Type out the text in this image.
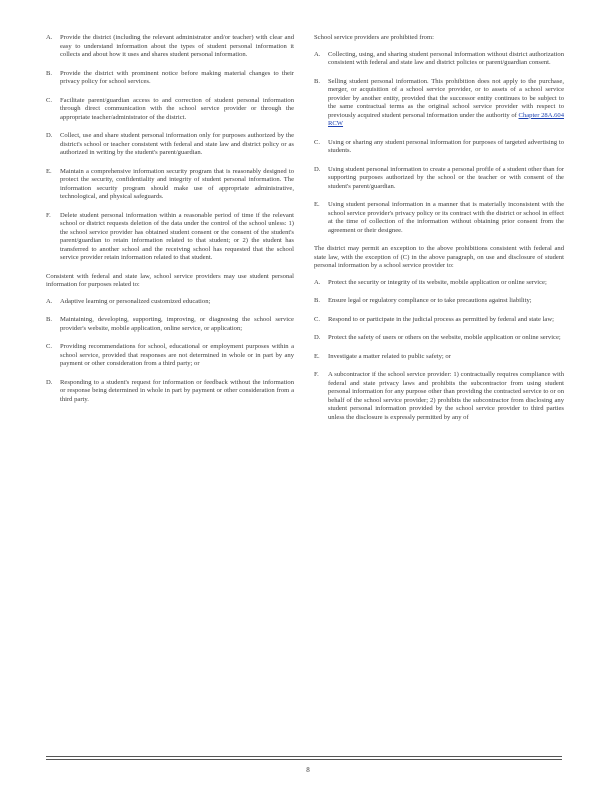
A. Provide the district (including the relevant administrator and/or teacher) with clear and easy to understand information about the types of student personal information it collects and about how it uses and shares student personal information.
B. Provide the district with prominent notice before making material changes to their privacy policy for school services.
C. Facilitate parent/guardian access to and correction of student personal information through direct communication with the school service provider or through the appropriate teacher/administrator of the district.
D. Collect, use and share student personal information only for purposes authorized by the district's school or teacher consistent with federal and state law and district policy or as authorized in writing by the student's parent/guardian.
E. Maintain a comprehensive information security program that is reasonably designed to protect the security, confidentiality and integrity of student personal information. The information security program should make use of appropriate administrative, technological, and physical safeguards.
F. Delete student personal information within a reasonable period of time if the relevant school or district requests deletion of the data under the control of the school unless: 1) the school service provider has obtained student consent or the consent of the student's parent/guardian to retain information related to that student; or 2) the student has transferred to another school and the receiving school has requested that the school service provider retain information related to that student.

Consistent with federal and state law, school service providers may use student personal information for purposes related to:

A. Adaptive learning or personalized customized education;
B. Maintaining, developing, supporting, improving, or diagnosing the school service provider's website, mobile application, online service, or application;
C. Providing recommendations for school, educational or employment purposes within a school service, provided that responses are not determined in whole or in part by any payment or other consideration from a third party; or
D. Responding to a student's request for information or feedback without the information or response being determined in whole in part by payment or other consideration from a third party.

School service providers are prohibited from:

A. Collecting, using, and sharing student personal information without district authorization consistent with federal and state law and district policies or parent/guardian consent.
B. Selling student personal information. This prohibition does not apply to the purchase, merger, or acquisition of a school service provider, or to assets of a school service provider by another entity, provided that the successor entity continues to be subject to the same contractual terms as the original school service provider with respect to previously acquired student personal information under the authority of Chapter 28A.604 RCW
C. Using or sharing any student personal information for purposes of targeted advertising to students.
D. Using student personal information to create a personal profile of a student other than for supporting purposes authorized by the school or the teacher or with consent of the student's parent/guardian.
E. Using student personal information in a manner that is materially inconsistent with the school service provider's privacy policy or its contract with the district or school in effect at the time of collection of the information without obtaining prior consent from the agreement or their designee.

The district may permit an exception to the above prohibitions consistent with federal and state law, with the exception of (C) in the above paragraph, on use and disclosure of student personal information by a school service provider to:

A. Protect the security or integrity of its website, mobile application or online service;
B. Ensure legal or regulatory compliance or to take precautions against liability;
C. Respond to or participate in the judicial process as permitted by federal and state law;
D. Protect the safety of users or others on the website, mobile application or online service;
E. Investigate a matter related to public safety; or
F. A subcontractor if the school service provider: 1) contractually requires compliance with federal and state privacy laws and prohibits the subcontractor from using student personal information for any purpose other than providing the contracted service to or on behalf of the school service provider; 2) prohibits the subcontractor from disclosing any student personal information provided by the school service provider to third parties unless the disclosure is expressly permitted by any of
8
